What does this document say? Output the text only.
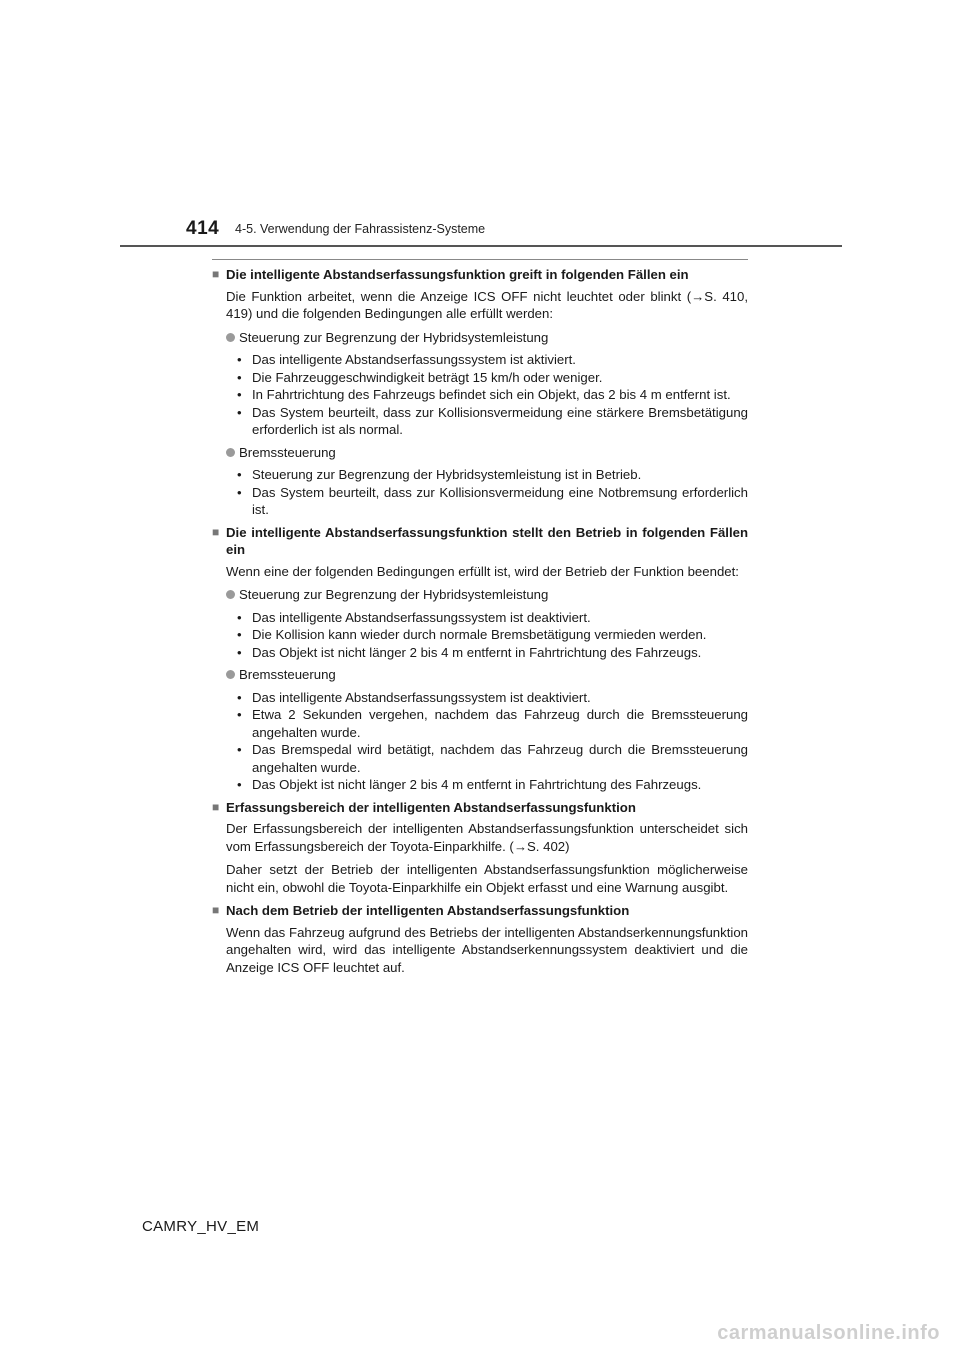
414 4-5. Verwendung der Fahrassistenz-Systeme
■ Die intelligente Abstandserfassungsfunktion greift in folgenden Fällen ein

Die Funktion arbeitet, wenn die Anzeige ICS OFF nicht leuchtet oder blinkt (→S. 410, 419) und die folgenden Bedingungen alle erfüllt werden:

Steuerung zur Begrenzung der Hybridsystemleistung
• Das intelligente Abstandserfassungssystem ist aktiviert.
• Die Fahrzeuggeschwindigkeit beträgt 15 km/h oder weniger.
• In Fahrtrichtung des Fahrzeugs befindet sich ein Objekt, das 2 bis 4 m entfernt ist.
• Das System beurteilt, dass zur Kollisionsvermeidung eine stärkere Bremsbetätigung erforderlich ist als normal.
Bremssteuerung
• Steuerung zur Begrenzung der Hybridsystemleistung ist in Betrieb.
• Das System beurteilt, dass zur Kollisionsvermeidung eine Notbremsung erforderlich ist.
■ Die intelligente Abstandserfassungsfunktion stellt den Betrieb in folgenden Fällen ein

Wenn eine der folgenden Bedingungen erfüllt ist, wird der Betrieb der Funktion beendet:

Steuerung zur Begrenzung der Hybridsystemleistung
• Das intelligente Abstandserfassungssystem ist deaktiviert.
• Die Kollision kann wieder durch normale Bremsbetätigung vermieden werden.
• Das Objekt ist nicht länger 2 bis 4 m entfernt in Fahrtrichtung des Fahrzeugs.
Bremssteuerung
• Das intelligente Abstandserfassungssystem ist deaktiviert.
• Etwa 2 Sekunden vergehen, nachdem das Fahrzeug durch die Bremssteuerung angehalten wurde.
• Das Bremspedal wird betätigt, nachdem das Fahrzeug durch die Bremssteuerung angehalten wurde.
• Das Objekt ist nicht länger 2 bis 4 m entfernt in Fahrtrichtung des Fahrzeugs.
■ Erfassungsbereich der intelligenten Abstandserfassungsfunktion

Der Erfassungsbereich der intelligenten Abstandserfassungsfunktion unterscheidet sich vom Erfassungsbereich der Toyota-Einparkhilfe. (→S. 402)

Daher setzt der Betrieb der intelligenten Abstandserfassungsfunktion möglicherweise nicht ein, obwohl die Toyota-Einparkhilfe ein Objekt erfasst und eine Warnung ausgibt.

■ Nach dem Betrieb der intelligenten Abstandserfassungsfunktion

Wenn das Fahrzeug aufgrund des Betriebs der intelligenten Abstandserkennungsfunktion angehalten wird, wird das intelligente Abstandserkennungssystem deaktiviert und die Anzeige ICS OFF leuchtet auf.

CAMRY_HV_EM
carmanualsonline.info
